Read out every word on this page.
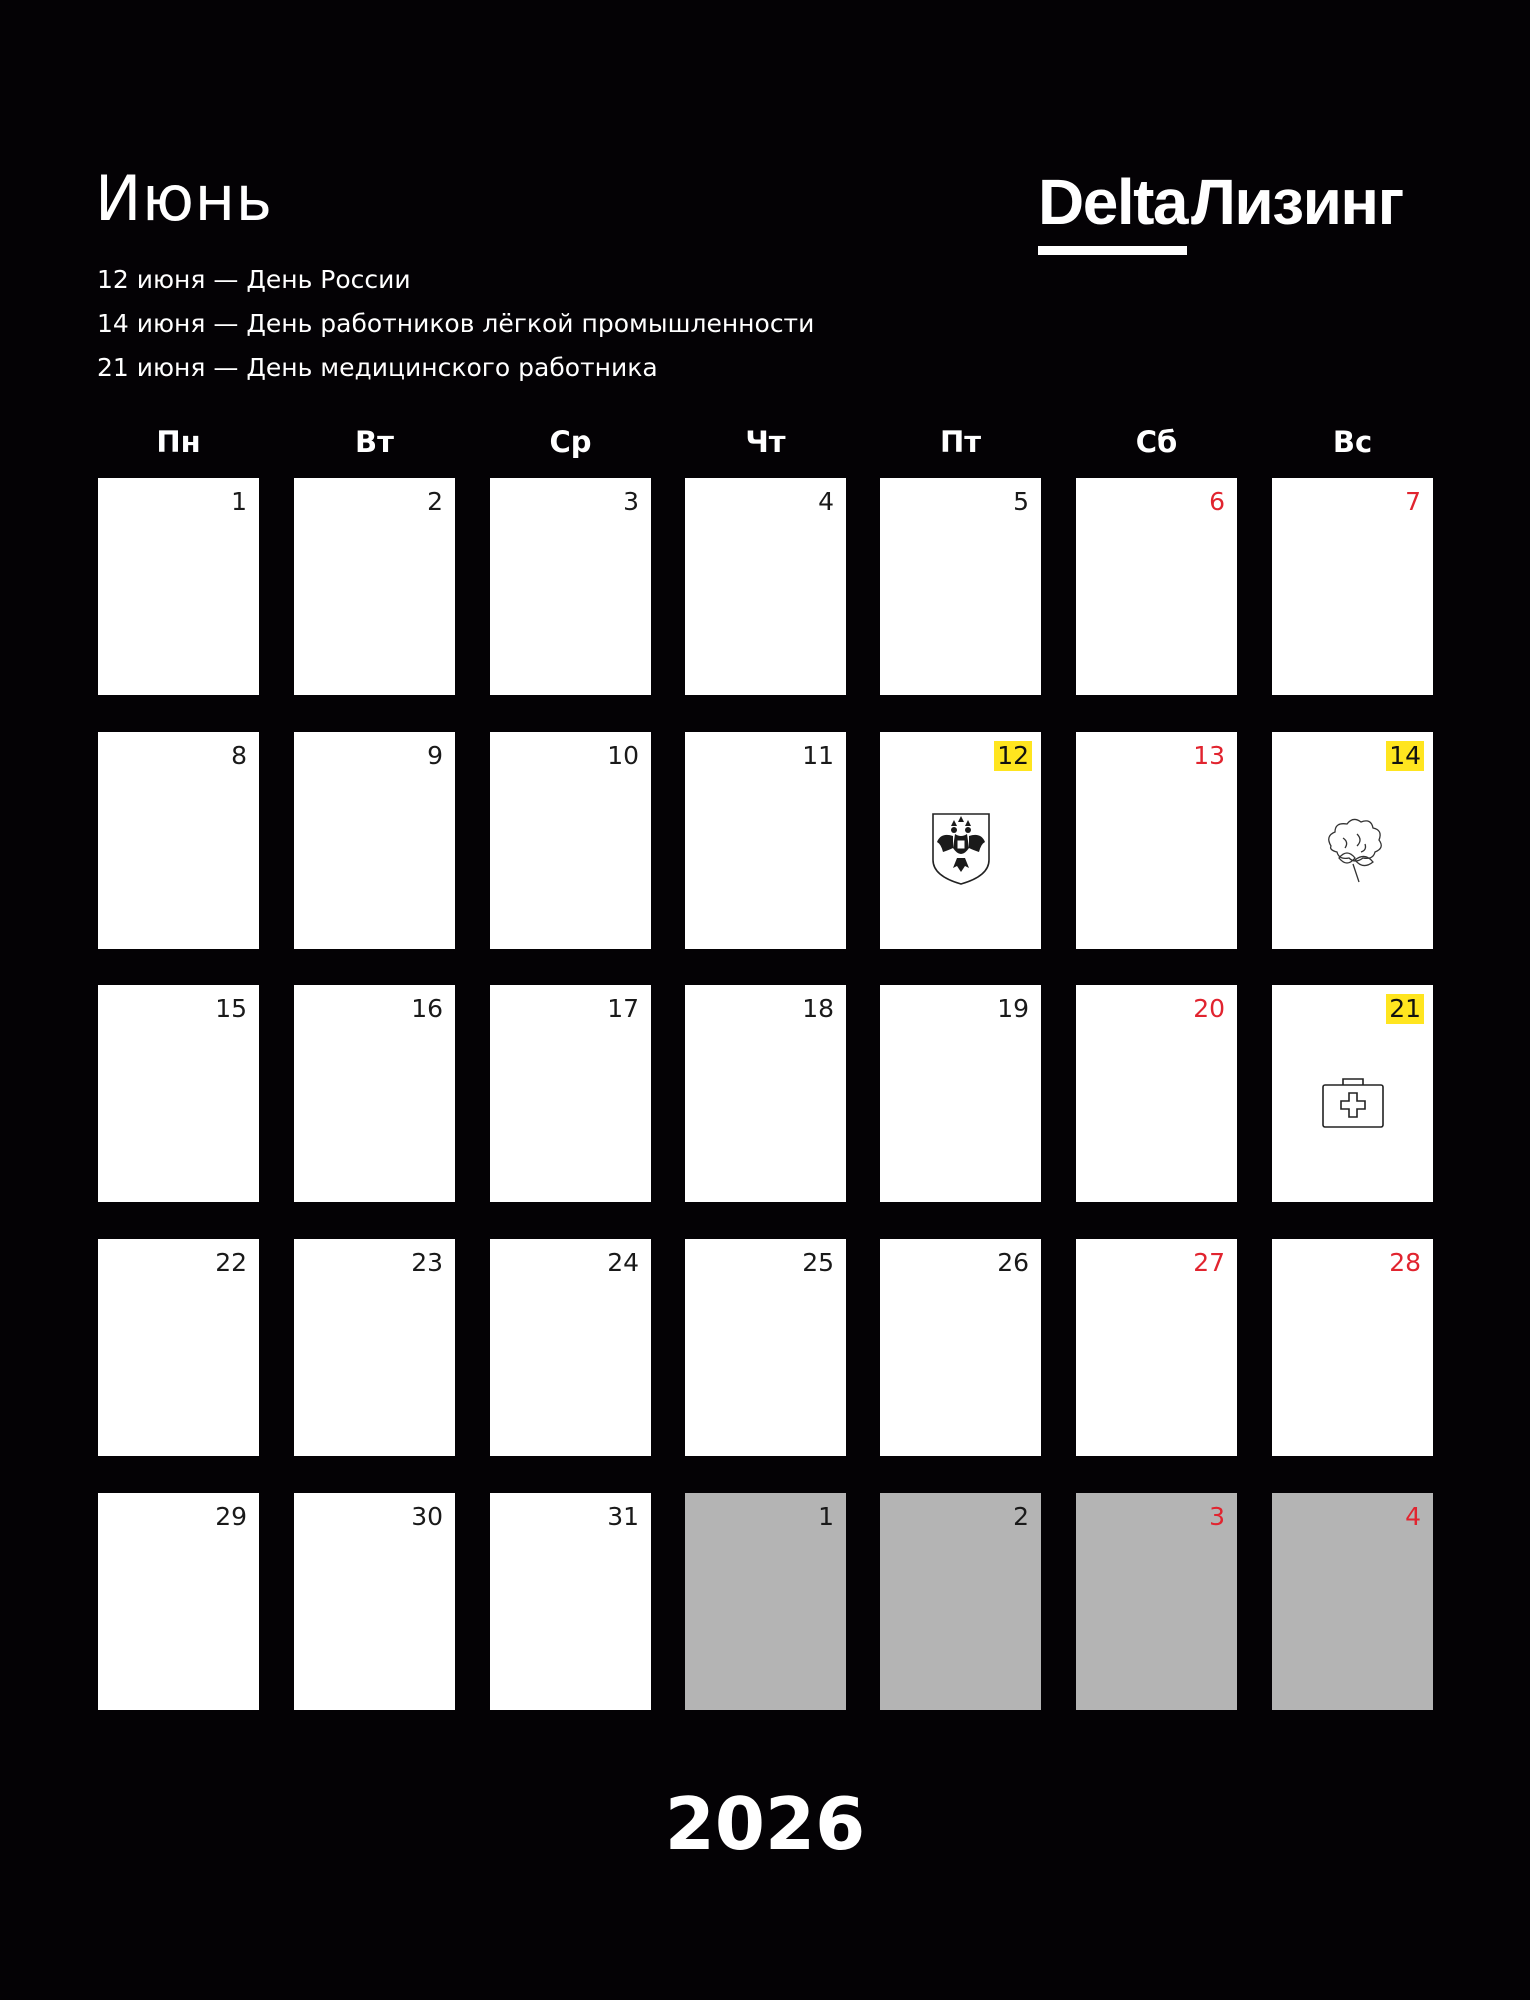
Июнь	Delta Лизинг
12 июня — День России
14 июня — День работников лёгкой промышленности
21 июня — День медицинского работника
Пн	Вт	Ср	Чт	Пт	Сб	Вс
1	2	3	4	5	6	7
8	9	10	11	12	13	14
15	16	17	18	19	20	21
22	23	24	25	26	27	28
29	30	31	1	2	3	4
2026
